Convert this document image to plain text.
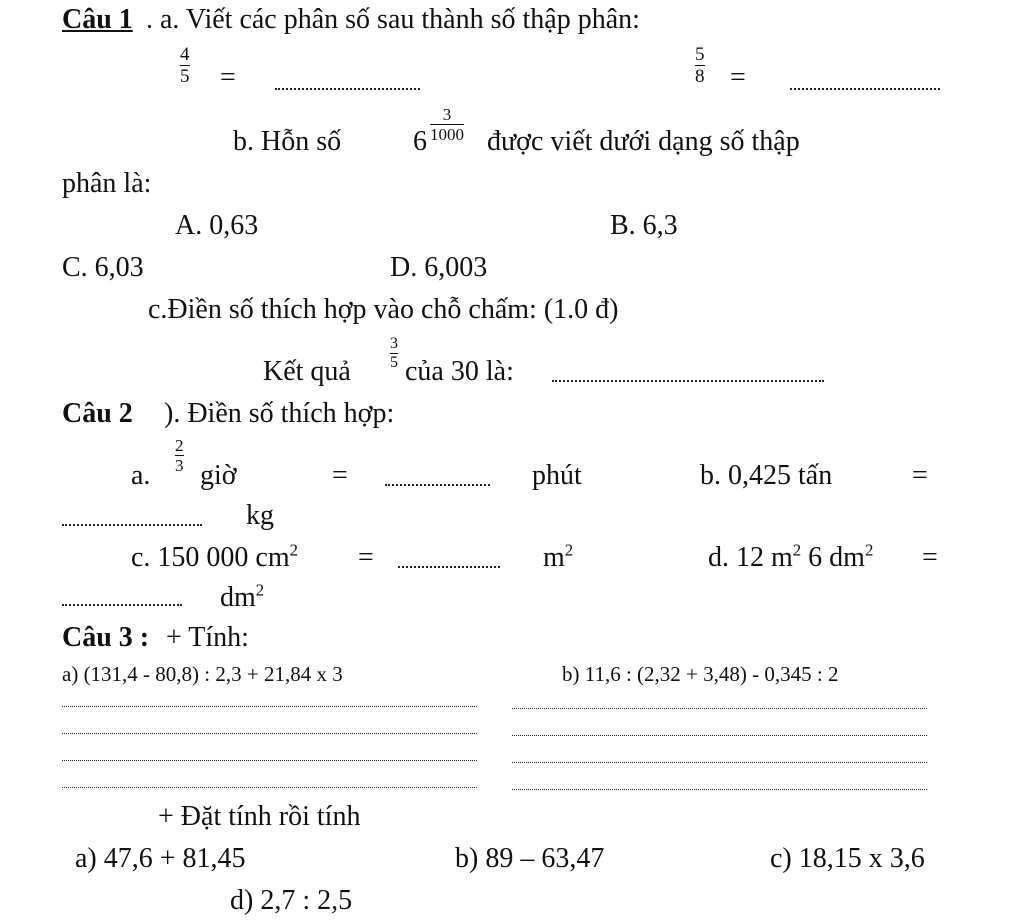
Câu 1 . a. Viết các phân số sau thành số thập phân:
4
5 =
5
8 =
b. Hỗn số	6
3
1000 được viết dưới dạng số thập
phân là:
A. 0,63	B. 6,3
C. 6,03	D. 6,003
c.Điền số thích hợp vào chỗ chấm: (1.0 đ)
Kết quả
3
5 của 30 là:
Câu 2 ). Điền số thích hợp:
a.
2
3 giờ	=	phút	b. 0,425 tấn	=
kg
c. 150 000 $cm^2$ =	$m^2$	d. 12 $m^2$ 6 $dm^2$ =
$dm^2$
Câu 3 : + Tính:
a) (131,4 - 80,8) : 2,3 + 21,84 x 3	b) 11,6 : (2,32 + 3,48) - 0,345 : 2
+ Đặt tính rồi tính
a) 47,6 + 81,45	b) 89 – 63,47	c) 18,15 x 3,6
d) 2,7 : 2,5
